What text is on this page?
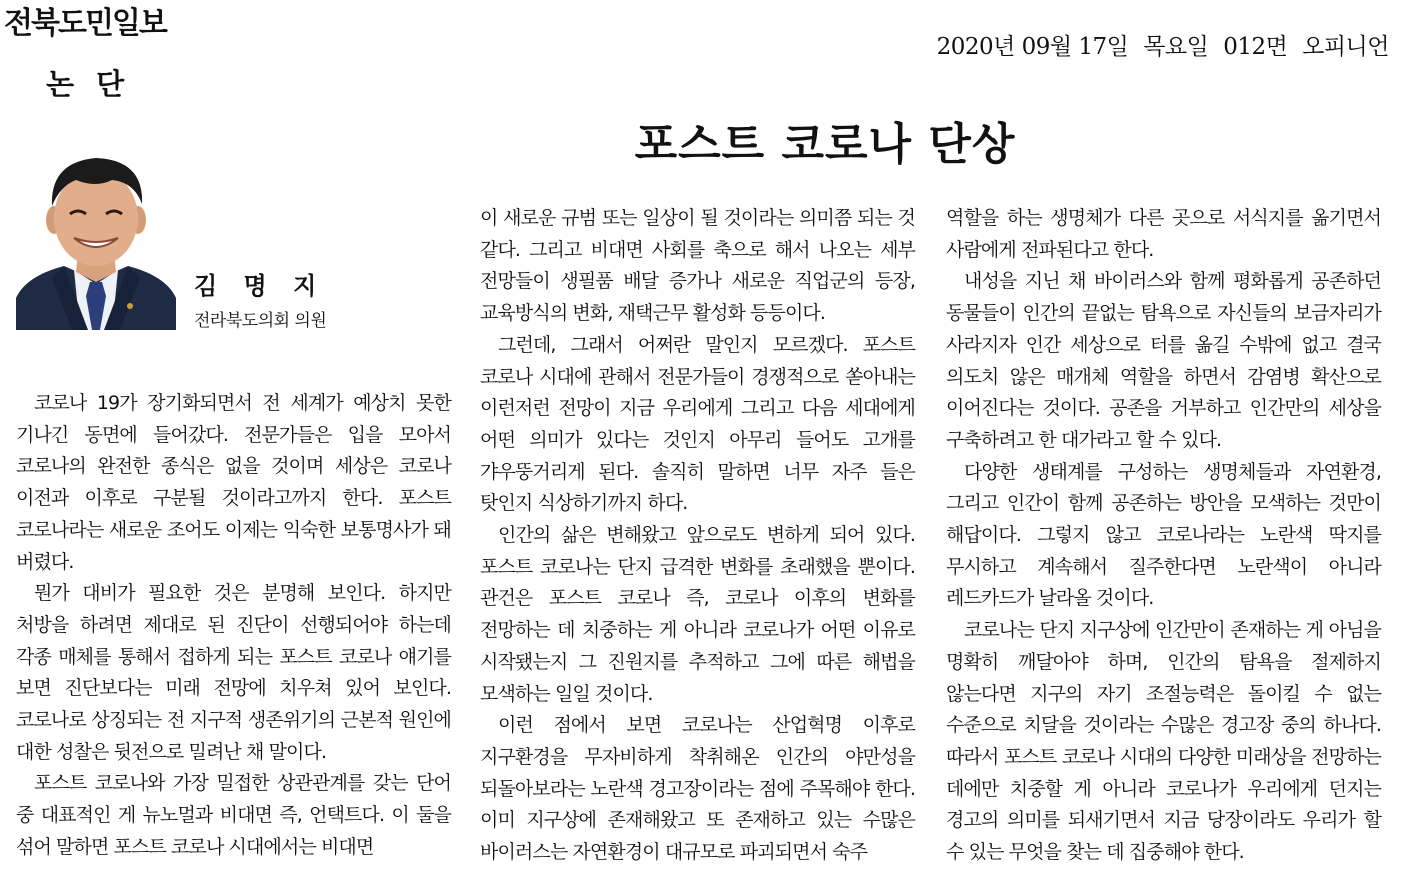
전북도민일보
2020년 09월 17일 목요일 012면 오피니언
논 단
포스트 코로나 단상
김 명 지
전라북도의회 의원

코로나 19가 장기화되면서 전 세계가 예상치 못한 기나긴 동면에 들어갔다. 전문가들은 입을 모아서 코로나의 완전한 종식은 없을 것이며 세상은 코로나 이전과 이후로 구분될 것이라고까지 한다. 포스트 코로나라는 새로운 조어도 이제는 익숙한 보통명사가 돼 버렸다.

뭔가 대비가 필요한 것은 분명해 보인다. 하지만 처방을 하려면 제대로 된 진단이 선행되어야 하는데 각종 매체를 통해서 접하게 되는 포스트 코로나 얘기를 보면 진단보다는 미래 전망에 치우쳐 있어 보인다. 코로나로 상징되는 전 지구적 생존위기의 근본적 원인에 대한 성찰은 뒷전으로 밀려난 채 말이다.

포스트 코로나와 가장 밀접한 상관관계를 갖는 단어 중 대표적인 게 뉴노멀과 비대면 즉, 언택트다. 이 둘을 섞어 말하면 포스트 코로나 시대에서는 비대면

이 새로운 규범 또는 일상이 될 것이라는 의미쯤 되는 것 같다. 그리고 비대면 사회를 축으로 해서 나오는 세부 전망들이 생필품 배달 증가나 새로운 직업군의 등장, 교육방식의 변화, 재택근무 활성화 등등이다.

그런데, 그래서 어쩌란 말인지 모르겠다. 포스트 코로나 시대에 관해서 전문가들이 경쟁적으로 쏟아내는 이런저런 전망이 지금 우리에게 그리고 다음 세대에게 어떤 의미가 있다는 것인지 아무리 들어도 고개를 갸우뚱거리게 된다. 솔직히 말하면 너무 자주 들은 탓인지 식상하기까지 하다.

인간의 삶은 변해왔고 앞으로도 변하게 되어 있다. 포스트 코로나는 단지 급격한 변화를 초래했을 뿐이다. 관건은 포스트 코로나 즉, 코로나 이후의 변화를 전망하는 데 치중하는 게 아니라 코로나가 어떤 이유로 시작됐는지 그 진원지를 추적하고 그에 따른 해법을 모색하는 일일 것이다.

이런 점에서 보면 코로나는 산업혁명 이후로 지구환경을 무자비하게 착취해온 인간의 야만성을 되돌아보라는 노란색 경고장이라는 점에 주목해야 한다. 이미 지구상에 존재해왔고 또 존재하고 있는 수많은 바이러스는 자연환경이 대규모로 파괴되면서 숙주

역할을 하는 생명체가 다른 곳으로 서식지를 옮기면서 사람에게 전파된다고 한다.

내성을 지닌 채 바이러스와 함께 평화롭게 공존하던 동물들이 인간의 끝없는 탐욕으로 자신들의 보금자리가 사라지자 인간 세상으로 터를 옮길 수밖에 없고 결국 의도치 않은 매개체 역할을 하면서 감염병 확산으로 이어진다는 것이다. 공존을 거부하고 인간만의 세상을 구축하려고 한 대가라고 할 수 있다.

다양한 생태계를 구성하는 생명체들과 자연환경, 그리고 인간이 함께 공존하는 방안을 모색하는 것만이 해답이다. 그렇지 않고 코로나라는 노란색 딱지를 무시하고 계속해서 질주한다면 노란색이 아니라 레드카드가 날라올 것이다.

코로나는 단지 지구상에 인간만이 존재하는 게 아님을 명확히 깨달아야 하며, 인간의 탐욕을 절제하지 않는다면 지구의 자기 조절능력은 돌이킬 수 없는 수준으로 치달을 것이라는 수많은 경고장 중의 하나다. 따라서 포스트 코로나 시대의 다양한 미래상을 전망하는 데에만 치중할 게 아니라 코로나가 우리에게 던지는 경고의 의미를 되새기면서 지금 당장이라도 우리가 할 수 있는 무엇을 찾는 데 집중해야 한다.
